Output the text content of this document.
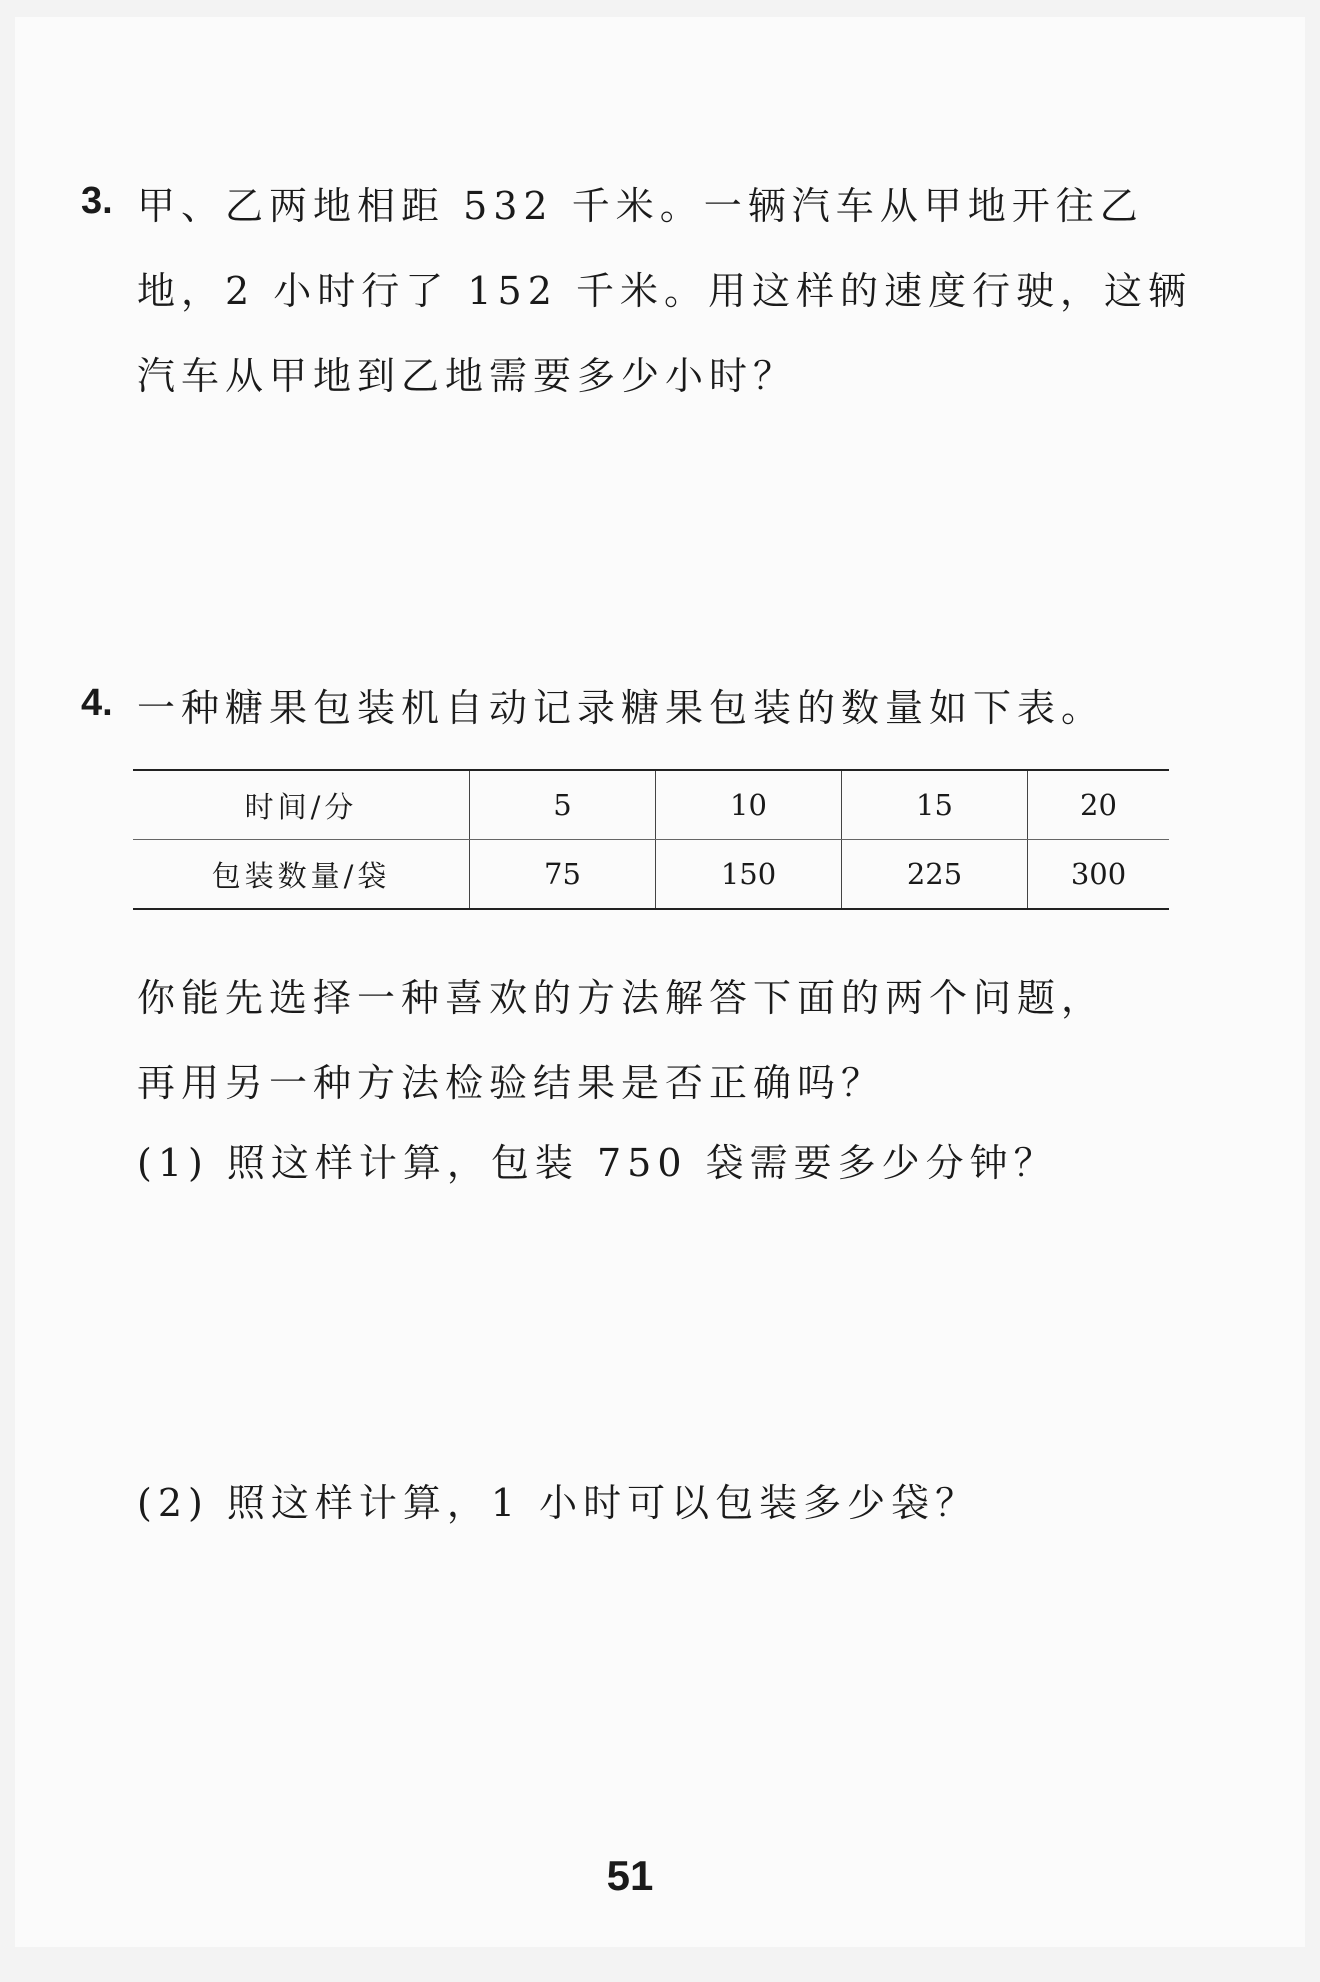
3. 甲、乙两地相距 532 千米。一辆汽车从甲地开往乙
地，2 小时行了 152 千米。用这样的速度行驶，这辆
汽车从甲地到乙地需要多少小时？
4. 一种糖果包装机自动记录糖果包装的数量如下表。
时间/分	5	10	15	20
包装数量/袋	75	150	225	300
你能先选择一种喜欢的方法解答下面的两个问题，
再用另一种方法检验结果是否正确吗？
(1) 照这样计算，包装 750 袋需要多少分钟？
(2) 照这样计算，1 小时可以包装多少袋？
51
